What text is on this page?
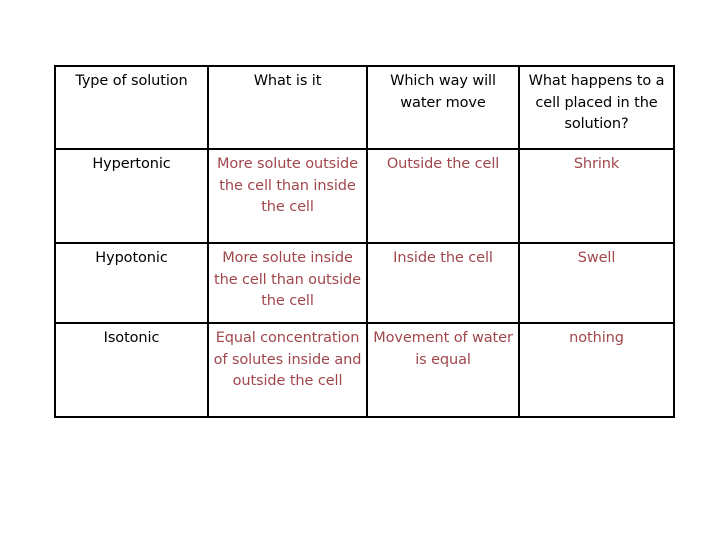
Type of solution	What is it	Which way will water move	What happens to a cell placed in the solution?
Hypertonic	More solute outside the cell than inside the cell	Outside the cell	Shrink
Hypotonic	More solute inside the cell than outside the cell	Inside the cell	Swell
Isotonic	Equal concentration of solutes inside and outside the cell	Movement of water is equal	nothing
